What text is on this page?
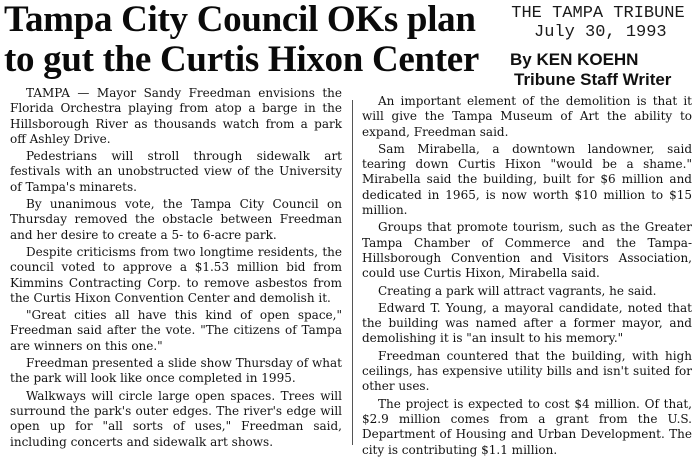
Tampa City Council OKs plan
to gut the Curtis Hixon Center
THE TAMPA TRIBUNE
July 30, 1993
By KEN KOEHN
Tribune Staff Writer

TAMPA — Mayor Sandy Freedman envisions the Florida Orchestra playing from atop a barge in the Hillsborough River as thousands watch from a park off Ashley Drive.

Pedestrians will stroll through sidewalk art festivals with an unobstructed view of the University of Tampa's minarets.

By unanimous vote, the Tampa City Council on Thursday removed the obstacle between Freedman and her desire to create a 5- to 6-acre park.

Despite criticisms from two longtime residents, the council voted to approve a $1.53 million bid from Kimmins Contracting Corp. to remove asbestos from the Curtis Hixon Convention Center and demolish it.

"Great cities all have this kind of open space," Freedman said after the vote. "The citizens of Tampa are winners on this one."

Freedman presented a slide show Thursday of what the park will look like once completed in 1995.

Walkways will circle large open spaces. Trees will surround the park's outer edges. The river's edge will open up for "all sorts of uses," Freedman said, including concerts and sidewalk art shows.

An important element of the demolition is that it will give the Tampa Museum of Art the ability to expand, Freedman said.

Sam Mirabella, a downtown landowner, said tearing down Curtis Hixon "would be a shame." Mirabella said the building, built for $6 million and dedicated in 1965, is now worth $10 million to $15 million.

Groups that promote tourism, such as the Greater Tampa Chamber of Commerce and the Tampa-Hillsborough Convention and Visitors Association, could use Curtis Hixon, Mirabella said.

Creating a park will attract vagrants, he said.

Edward T. Young, a mayoral candidate, noted that the building was named after a former mayor, and demolishing it is "an insult to his memory."

Freedman countered that the building, with high ceilings, has expensive utility bills and isn't suited for other uses.

The project is expected to cost $4 million. Of that, $2.9 million comes from a grant from the U.S. Department of Housing and Urban Development. The city is contributing $1.1 million.
